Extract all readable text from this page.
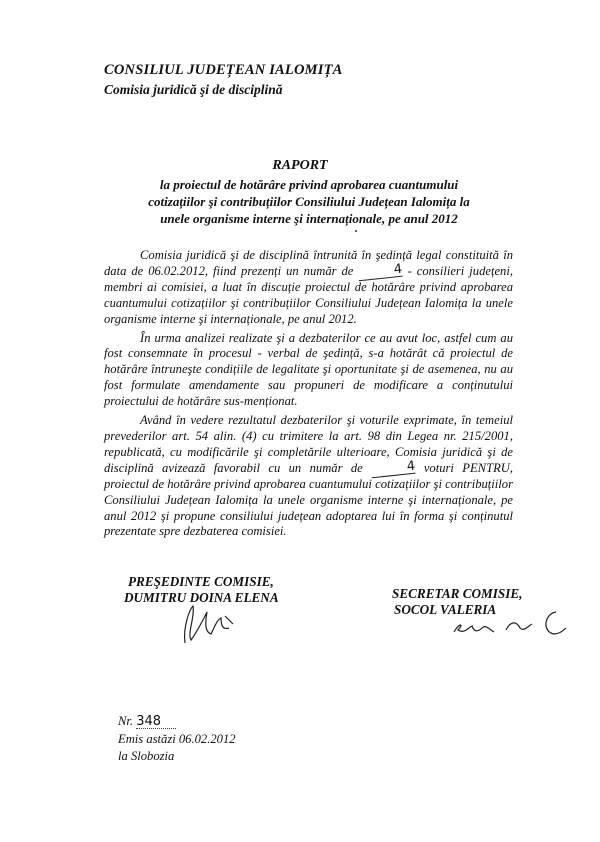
CONSILIUL JUDEȚEAN IALOMIȚA
Comisia juridică şi de disciplină
RAPORT
la proiectul de hotărâre privind aprobarea cuantumului cotizațiilor şi contribuțiilor Consiliului Județean Ialomița la unele organisme interne şi internaționale, pe anul 2012

Comisia juridică şi de disciplină întrunită în şedință legal constituită în data de 06.02.2012, fiind prezenți un număr de	4 - consilieri județeni, membri ai comisiei, a luat în discuție proiectul de hotărâre privind aprobarea cuantumului cotizațiilor şi contribuțiilor Consiliului Județean Ialomița la unele organisme interne şi internaționale, pe anul 2012.

În urma analizei realizate şi a dezbaterilor ce au avut loc, astfel cum au fost consemnate în procesul - verbal de şedință, s-a hotărât că proiectul de hotărâre întruneşte condițiile de legalitate şi oportunitate şi de asemenea, nu au fost formulate amendamente sau propuneri de modificare a conținutului proiectului de hotărâre sus-menționat.

Având în vedere rezultatul dezbaterilor şi voturile exprimate, în temeiul prevederilor art. 54 alin. (4) cu trimitere la art. 98 din Legea nr. 215/2001, republicată, cu modificările şi completările ulterioare, Comisia juridică şi de disciplină avizează favorabil cu un număr de	4 voturi PENTRU, proiectul de hotărâre privind aprobarea cuantumului cotizațiilor şi contribuțiilor Consiliului Județean Ialomița la unele organisme interne şi internaționale, pe anul 2012 şi propune consiliului județean adoptarea lui în forma şi conținutul prezentate spre dezbaterea comisiei.

PREŞEDINTE COMISIE,
DUMITRU DOINA ELENA	SECRETAR COMISIE,
SOCOL VALERIA
Nr. 348
Emis astăzi 06.02.2012
la Slobozia
